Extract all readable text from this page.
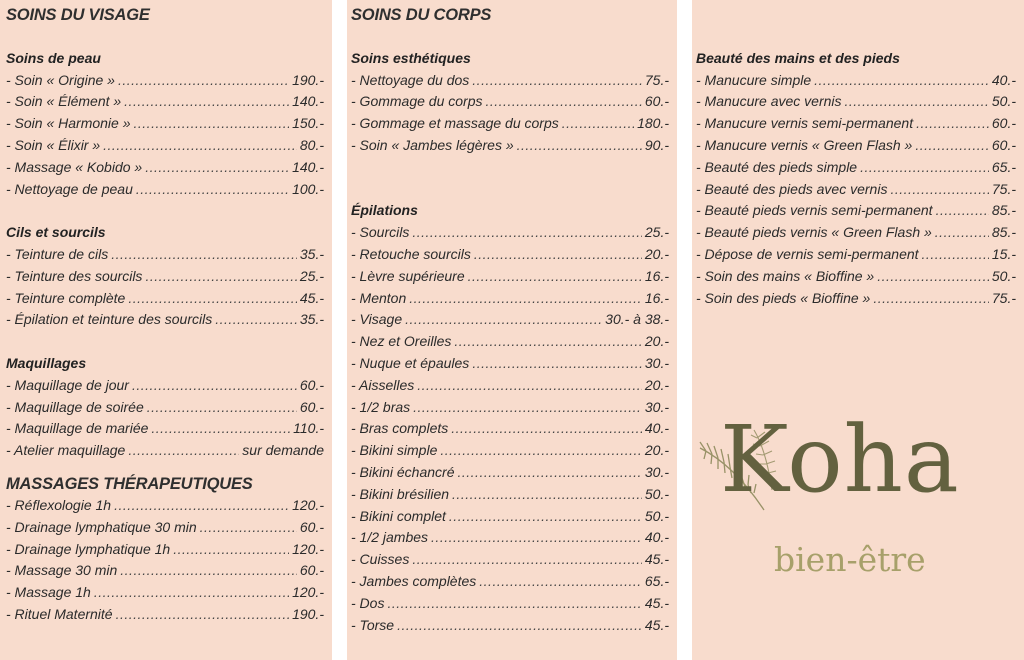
SOINS DU VISAGE
Soins de peau
- Soin « Origine » .....	190.-
- Soin « Élément » .....	140.-
- Soin « Harmonie » .....	150.-
- Soin « Élixir » .....	80.-
- Massage « Kobido » .....	140.-
- Nettoyage de peau .....	100.-
Cils et sourcils
- Teinture de cils .....	35.-
- Teinture des sourcils .....	25.-
- Teinture complète .....	45.-
- Épilation et teinture des sourcils .....	35.-
Maquillages
- Maquillage de jour .....	60.-
- Maquillage de soirée .....	60.-
- Maquillage de mariée .....	110.-
- Atelier maquillage .....	sur demande
MASSAGES THÉRAPEUTIQUES
- Réflexologie 1h .....	120.-
- Drainage lymphatique 30 min .....	60.-
- Drainage lymphatique 1h .....	120.-
- Massage 30 min .....	60.-
- Massage 1h .....	120.-
- Rituel Maternité .....	190.-
SOINS DU CORPS
Soins esthétiques
- Nettoyage du dos .....	75.-
- Gommage du corps .....	60.-
- Gommage et massage du corps .....	180.-
- Soin « Jambes légères » .....	90.-
Épilations
- Sourcils .....	25.-
- Retouche sourcils .....	20.-
- Lèvre supérieure .....	16.-
- Menton .....	16.-
- Visage .....	30.- à 38.-
- Nez et Oreilles .....	20.-
- Nuque et épaules .....	30.-
- Aisselles .....	20.-
- 1/2 bras .....	30.-
- Bras complets .....	40.-
- Bikini simple .....	20.-
- Bikini échancré .....	30.-
- Bikini brésilien .....	50.-
- Bikini complet .....	50.-
- 1/2 jambes .....	40.-
- Cuisses .....	45.-
- Jambes complètes .....	65.-
- Dos .....	45.-
- Torse .....	45.-
Beauté des mains et des pieds
- Manucure simple .....	40.-
- Manucure avec vernis .....	50.-
- Manucure vernis semi-permanent .....	60.-
- Manucure vernis « Green Flash » .....	60.-
- Beauté des pieds simple .....	65.-
- Beauté des pieds avec vernis .....	75.-
- Beauté pieds vernis semi-permanent .....	85.-
- Beauté pieds vernis « Green Flash » .....	85.-
- Dépose de vernis semi-permanent .....	15.-
- Soin des mains « Bioffine » .....	50.-
- Soin des pieds « Bioffine » .....	75.-

Koha

bien-être
